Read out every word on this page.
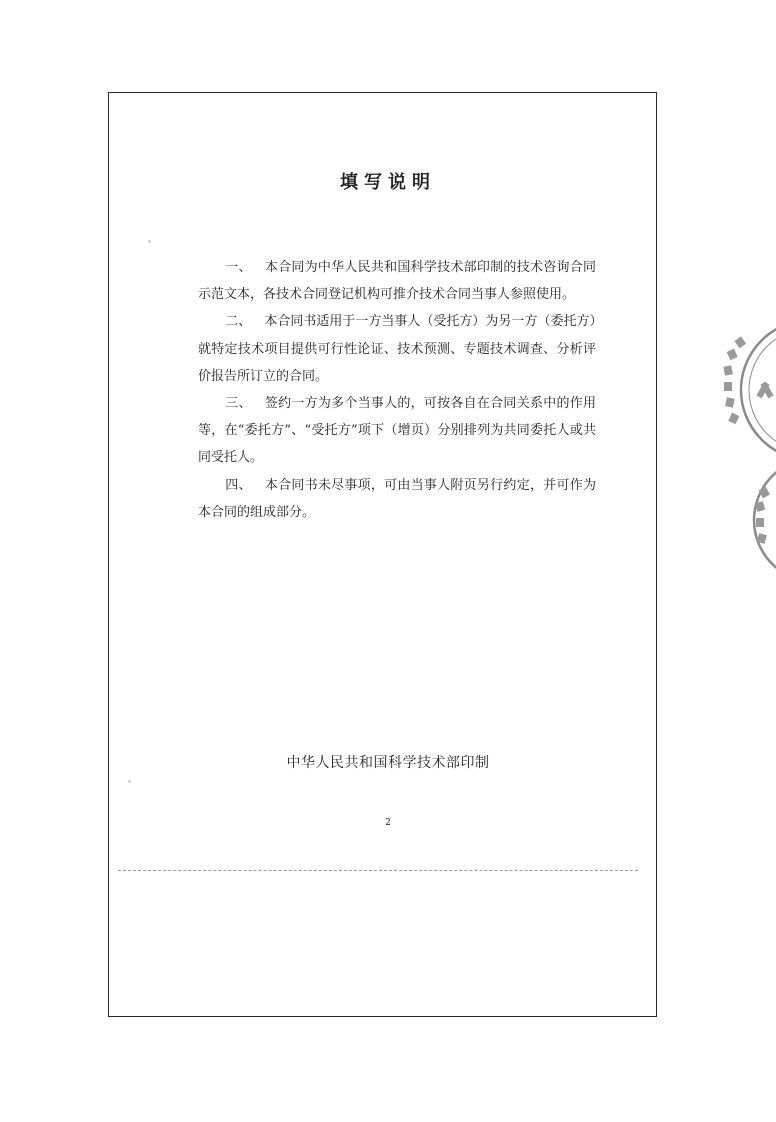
填写说明

一、 本合同为中华人民共和国科学技术部印制的技术咨询合同示范文本，各技术合同登记机构可推介技术合同当事人参照使用。

二、 本合同书适用于一方当事人（受托方）为另一方（委托方）就特定技术项目提供可行性论证、技术预测、专题技术调查、分析评价报告所订立的合同。

三、 签约一方为多个当事人的，可按各自在合同关系中的作用等，在“委托方”、“受托方”项下（增页）分别排列为共同委托人或共同受托人。

四、 本合同书未尽事项，可由当事人附页另行约定，并可作为本合同的组成部分。

中华人民共和国科学技术部印制
2
